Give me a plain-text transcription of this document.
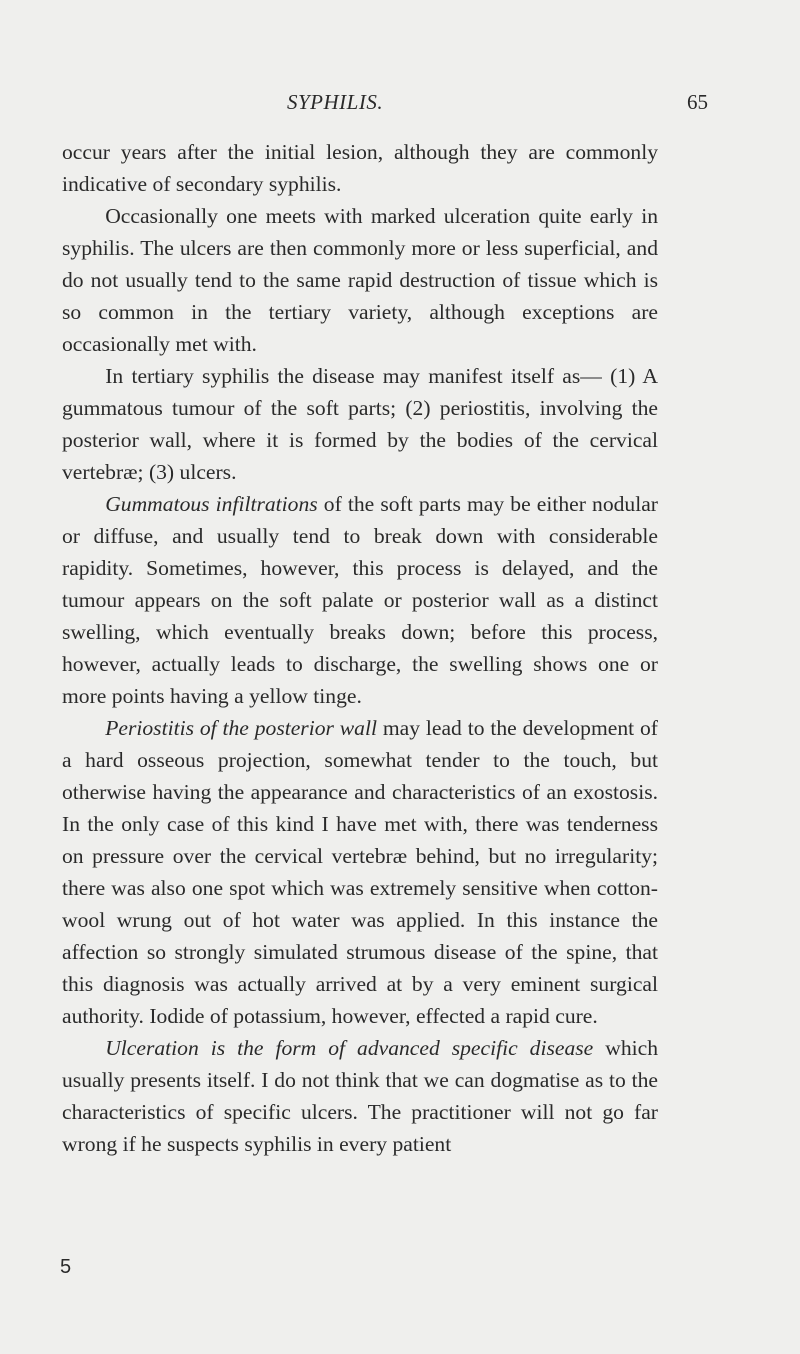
SYPHILIS.	65

occur years after the initial lesion, although they are commonly indicative of secondary syphilis.

Occasionally one meets with marked ulceration quite early in syphilis. The ulcers are then commonly more or less superficial, and do not usually tend to the same rapid destruction of tissue which is so common in the tertiary variety, although exceptions are occasionally met with.

In tertiary syphilis the disease may manifest itself as— (1) A gummatous tumour of the soft parts; (2) periostitis, involving the posterior wall, where it is formed by the bodies of the cervical vertebræ; (3) ulcers.

Gummatous infiltrations of the soft parts may be either nodular or diffuse, and usually tend to break down with considerable rapidity. Sometimes, however, this process is delayed, and the tumour appears on the soft palate or posterior wall as a distinct swelling, which eventually breaks down; before this process, however, actually leads to discharge, the swelling shows one or more points having a yellow tinge.

Periostitis of the posterior wall may lead to the development of a hard osseous projection, somewhat tender to the touch, but otherwise having the appearance and characteristics of an exostosis. In the only case of this kind I have met with, there was tenderness on pressure over the cervical vertebræ behind, but no irregularity; there was also one spot which was extremely sensitive when cotton-wool wrung out of hot water was applied. In this instance the affection so strongly simulated strumous disease of the spine, that this diagnosis was actually arrived at by a very eminent surgical authority. Iodide of potassium, however, effected a rapid cure.

Ulceration is the form of advanced specific disease which usually presents itself. I do not think that we can dogmatise as to the characteristics of specific ulcers. The practitioner will not go far wrong if he suspects syphilis in every patient

5
